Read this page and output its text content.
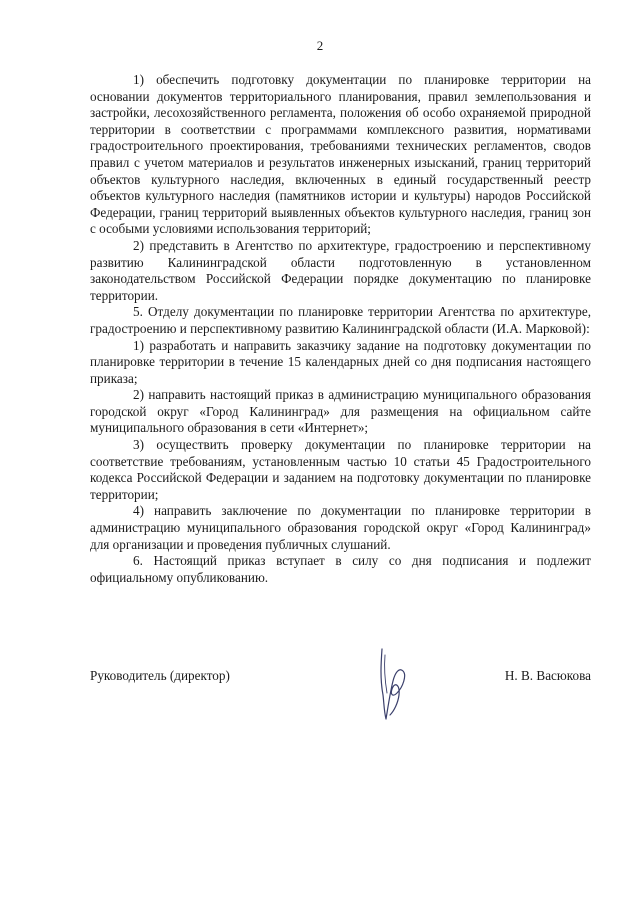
2

1) обеспечить подготовку документации по планировке территории на основании документов территориального планирования, правил землепользования и застройки, лесохозяйственного регламента, положения об особо охраняемой природной территории в соответствии с программами комплексного развития, нормативами градостроительного проектирования, требованиями технических регламентов, сводов правил с учетом материалов и результатов инженерных изысканий, границ территорий объектов культурного наследия, включенных в единый государственный реестр объектов культурного наследия (памятников истории и культуры) народов Российской Федерации, границ территорий выявленных объектов культурного наследия, границ зон с особыми условиями использования территорий;

2) представить в Агентство по архитектуре, градостроению и перспективному развитию Калининградской области подготовленную в установленном законодательством Российской Федерации порядке документацию по планировке территории.

5. Отделу документации по планировке территории Агентства по архитектуре, градостроению и перспективному развитию Калининградской области (И.А. Марковой):

1) разработать и направить заказчику задание на подготовку документации по планировке территории в течение 15 календарных дней со дня подписания настоящего приказа;

2) направить настоящий приказ в администрацию муниципального образования городской округ «Город Калининград» для размещения на официальном сайте муниципального образования в сети «Интернет»;

3) осуществить проверку документации по планировке территории на соответствие требованиям, установленным частью 10 статьи 45 Градостроительного кодекса Российской Федерации и заданием на подготовку документации по планировке территории;

4) направить заключение по документации по планировке территории в администрацию муниципального образования городской округ «Город Калининград» для организации и проведения публичных слушаний.

6. Настоящий приказ вступает в силу со дня подписания и подлежит официальному опубликованию.

Руководитель (директор)	Н. В. Васюкова
